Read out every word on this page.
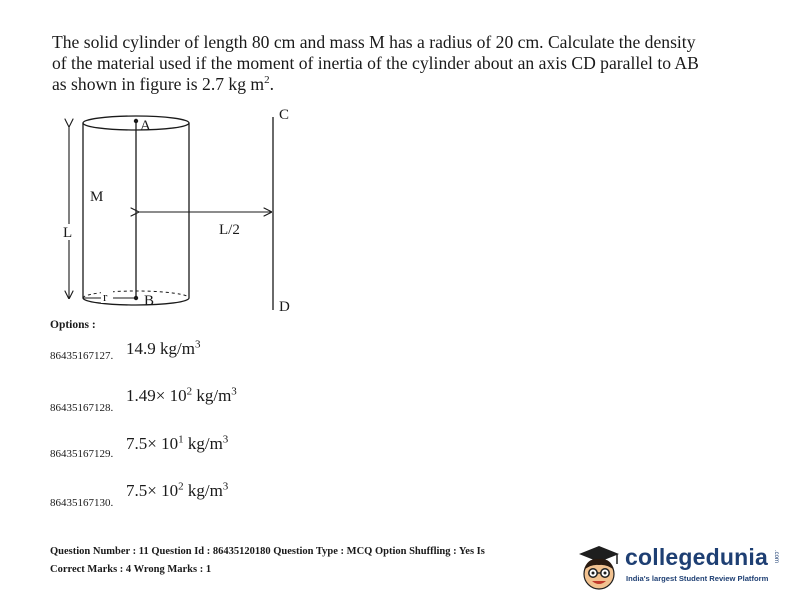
The solid cylinder of length 80 cm and mass M has a radius of 20 cm. Calculate the density
of the material used if the moment of inertia of the cylinder about an axis CD parallel to AB
as shown in figure is 2.7 kg $m^2$.
L
A
B
C
D
M
L/2
r
Options :
86435167127. 14.9 $kg/m^3$
86435167128.
$1.49\times 10^2$ $kg/m^3$
86435167129.
$7.5\times 10^1$ $kg/m^3$
86435167130.
$7.5\times 10^2$ $kg/m^3$
Question Number : 11 Question Id : 86435120180 Question Type : MCQ Option Shuffling : Yes Is
Correct Marks : 4 Wrong Marks : 1	collegedunia .com
India's largest Student Review Platform
